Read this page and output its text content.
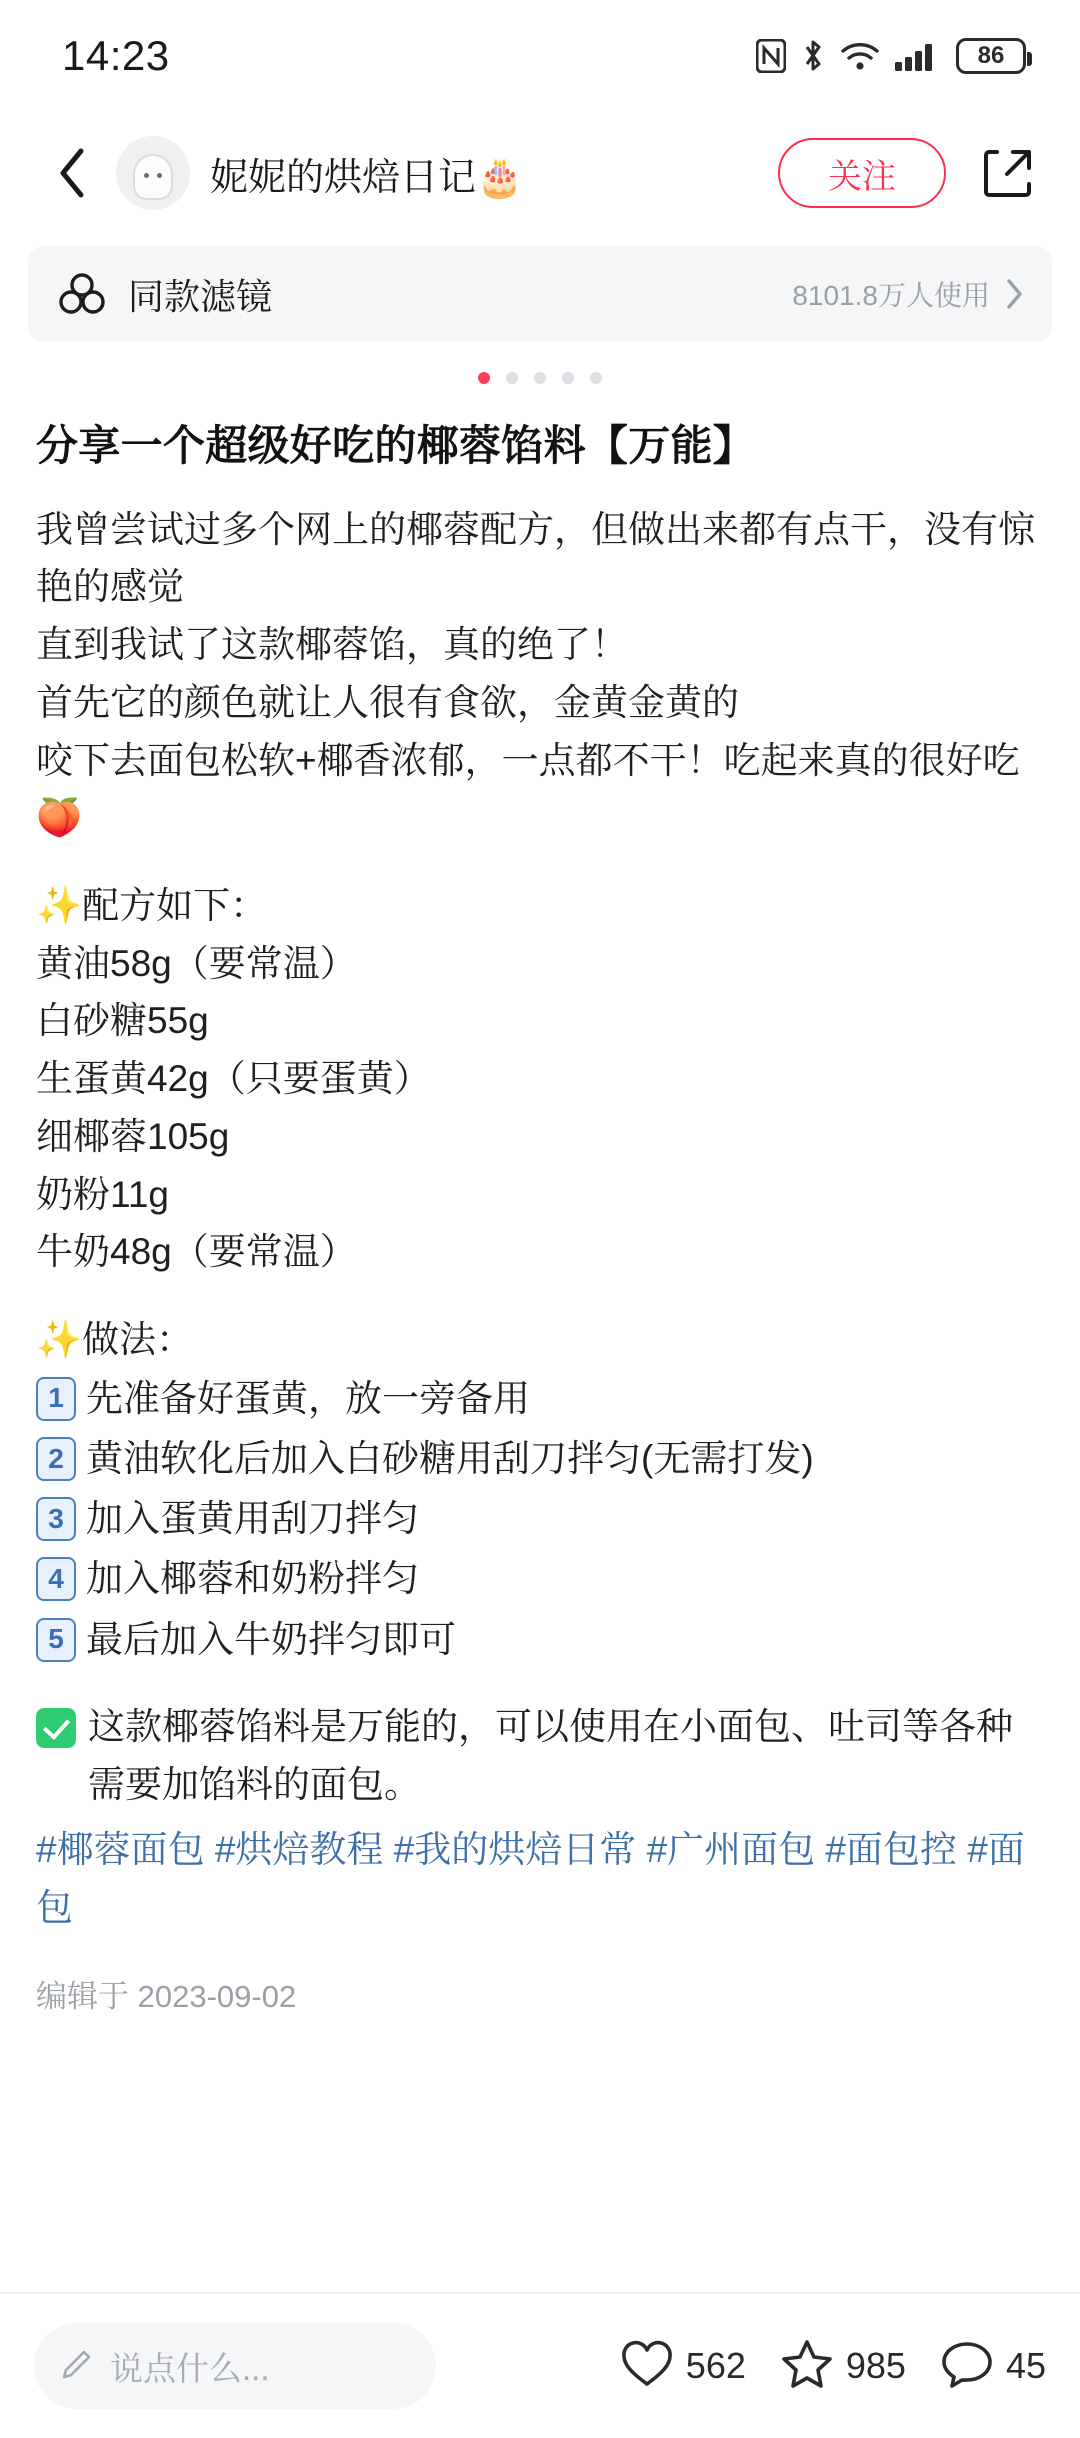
14:23	86
妮妮的烘焙日记🎂	关注
同款滤镜	8101.8万人使用
分享一个超级好吃的椰蓉馅料【万能】
我曾尝试过多个网上的椰蓉配方，但做出来都有点干，没有惊艳的感觉
直到我试了这款椰蓉馅，真的绝了！
首先它的颜色就让人很有食欲，金黄金黄的
咬下去面包松软+椰香浓郁，一点都不干！吃起来真的很好吃🍑
✨配方如下：
黄油58g（要常温）
白砂糖55g
生蛋黄42g（只要蛋黄）
细椰蓉105g
奶粉11g
牛奶48g（要常温）
✨做法：
1 先准备好蛋黄，放一旁备用
2 黄油软化后加入白砂糖用刮刀拌匀(无需打发)
3 加入蛋黄用刮刀拌匀
4 加入椰蓉和奶粉拌匀
5 最后加入牛奶拌匀即可
这款椰蓉馅料是万能的，可以使用在小面包、吐司等各种需要加馅料的面包。
#椰蓉面包 #烘焙教程 #我的烘焙日常 #广州面包 #面包控 #面包
编辑于 2023-09-02
说点什么...	562	985	45
